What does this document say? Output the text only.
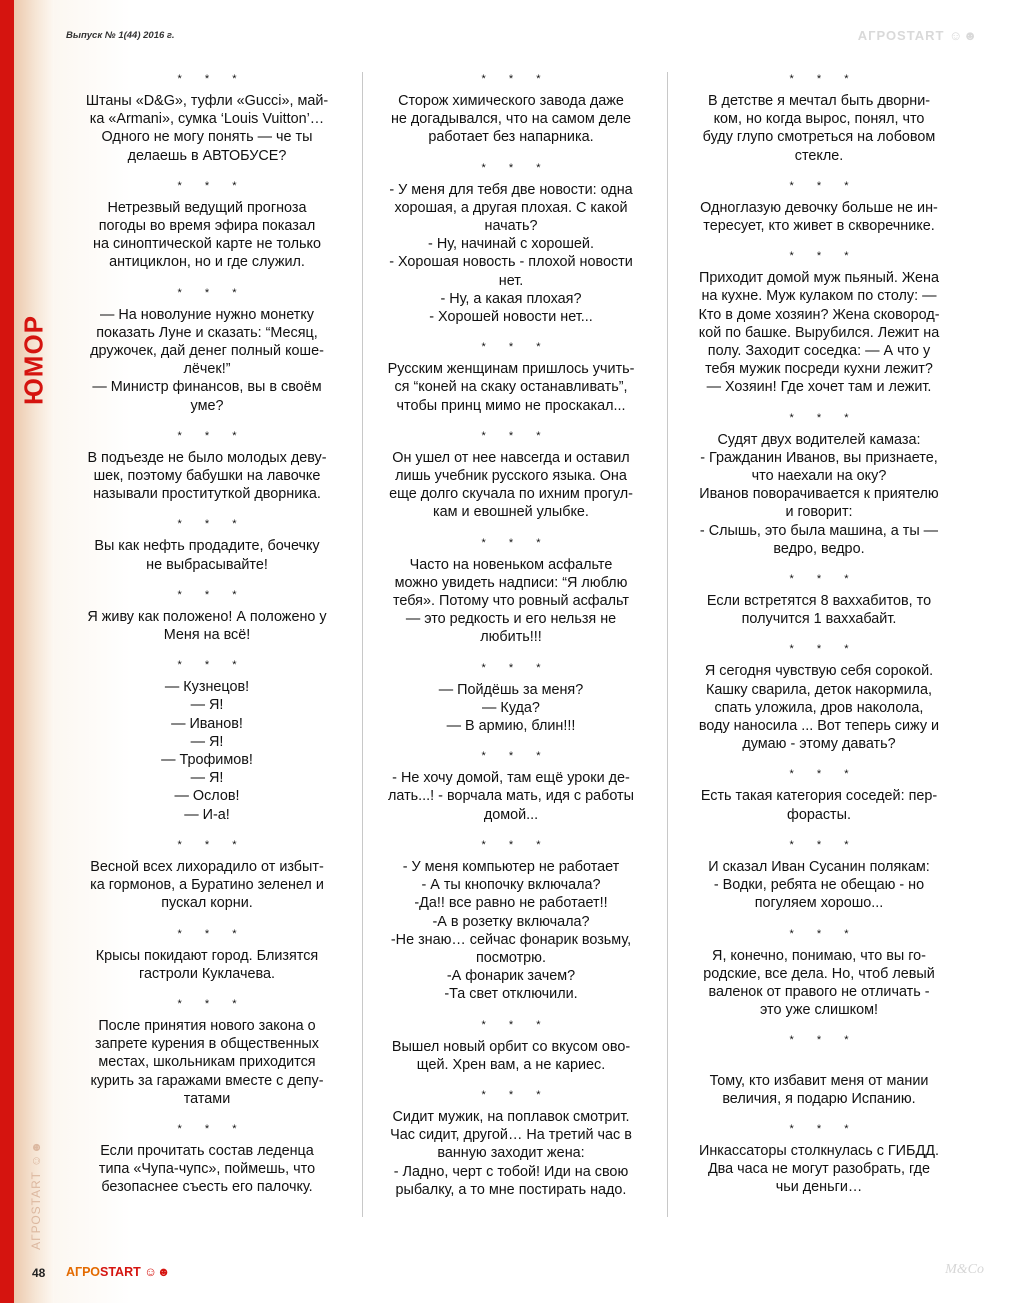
ЮМОР
АГРОSTART ☺☻
Выпуск № 1(44) 2016 г.	АГРОSTART ☺☻
* * *
Штаны «D&G», туфли «Gucci», май-
ка «Armani», сумка ‘Louis Vuitton’…
Одного не могу понять — че ты
делаешь в АВТОБУСЕ?
* * *
Нетрезвый ведущий прогноза
погоды во время эфира показал
на синоптической карте не только
антициклон, но и где служил.
* * *
— На новолуние нужно монетку
показать Луне и сказать: “Месяц,
дружочек, дай денег полный коше-
лёчек!”
— Министр финансов, вы в своём
уме?
* * *
В подъезде не было молодых деву-
шек, поэтому бабушки на лавочке
называли проституткой дворника.
* * *
Вы как нефть продадите, бочечку
не выбрасывайте!
* * *
Я живу как положено! А положено у
Меня на всё!
* * *
— Кузнецов!
— Я!
— Иванов!
— Я!
— Трофимов!
— Я!
— Ослов!
— И-а!
* * *
Весной всех лихорадило от избыт-
ка гормонов, а Буратино зеленел и
пускал корни.
* * *
Крысы покидают город. Близятся
гастроли Куклачева.
* * *
После принятия нового закона о
запрете курения в общественных
местах, школьникам приходится
курить за гаражами вместе с депу-
татами
* * *
Если прочитать состав леденца
типа «Чупа-чупс», поймешь, что
безопаснее съесть его палочку.
* * *
Сторож химического завода даже
не догадывался, что на самом деле
работает без напарника.
* * *
- У меня для тебя две новости: одна
хорошая, а другая плохая. С какой
начать?
- Ну, начинай с хорошей.
- Хорошая новость - плохой новости
нет.
- Ну, а какая плохая?
- Хорошей новости нет...
* * *
Русским женщинам пришлось учить-
ся “коней на скаку останавливать”,
чтобы принц мимо не проскакал...
* * *
Он ушел от нее навсегда и оставил
лишь учебник русского языка. Она
еще долго скучала по ихним прогул-
кам и евошней улыбке.
* * *
Часто на новеньком асфальте
можно увидеть надписи: “Я люблю
тебя». Потому что ровный асфальт
— это редкость и его нельзя не
любить!!!
* * *
— Пойдёшь за меня?
— Куда?
— В армию, блин!!!
* * *
- Не хочу домой, там ещё уроки де-
лать...! - ворчала мать, идя с работы
домой...
* * *
- У меня компьютер не работает
- А ты кнопочку включала?
-Да!! все равно не работает!!
-А в розетку включала?
-Не знаю… сейчас фонарик возьму,
посмотрю.
-А фонарик зачем?
-Та свет отключили.
* * *
Вышел новый орбит со вкусом ово-
щей. Хрен вам, а не кариес.
* * *
Сидит мужик, на поплавок смотрит.
Час сидит, другой… На третий час в
ванную заходит жена:
- Ладно, черт с тобой! Иди на свою
рыбалку, а то мне постирать надо.
* * *
В детстве я мечтал быть дворни-
ком, но когда вырос, понял, что
буду глупо смотреться на лобовом
стекле.
* * *
Одноглазую девочку больше не ин-
тересует, кто живет в скворечнике.
* * *
Приходит домой муж пьяный. Жена
на кухне. Муж кулаком по столу: —
Кто в доме хозяин? Жена сковород-
кой по башке. Вырубился. Лежит на
полу. Заходит соседка: — А что у
тебя мужик посреди кухни лежит?
— Хозяин! Где хочет там и лежит.
* * *
Судят двух водителей камаза:
- Гражданин Иванов, вы признаете,
что наехали на оку?
Иванов поворачивается к приятелю
и говорит:
- Слышь, это была машина, а ты —
ведро, ведро.
* * *
Если встретятся 8 ваххабитов, то
получится 1 ваххабайт.
* * *
Я сегодня чувствую себя сорокой.
Кашку сварила, деток накормила,
спать уложила, дров наколола,
воду наносила ... Вот теперь сижу и
думаю - этому давать?
* * *
Есть такая категория соседей: пер-
форасты.
* * *
И сказал Иван Сусанин полякам:
- Водки, ребята не обещаю - но
погуляем хорошо...
* * *
Я, конечно, понимаю, что вы го-
родские, все дела. Но, чтоб левый
валенок от правого не отличать -
это уже слишком!
* * *

Тому, кто избавит меня от мании
величия, я подарю Испанию.
* * *
Инкассаторы столкнулась с ГИБДД.
Два часа не могут разобрать, где
чьи деньги…
48 АГРОSTART ☺☻	M&Co
